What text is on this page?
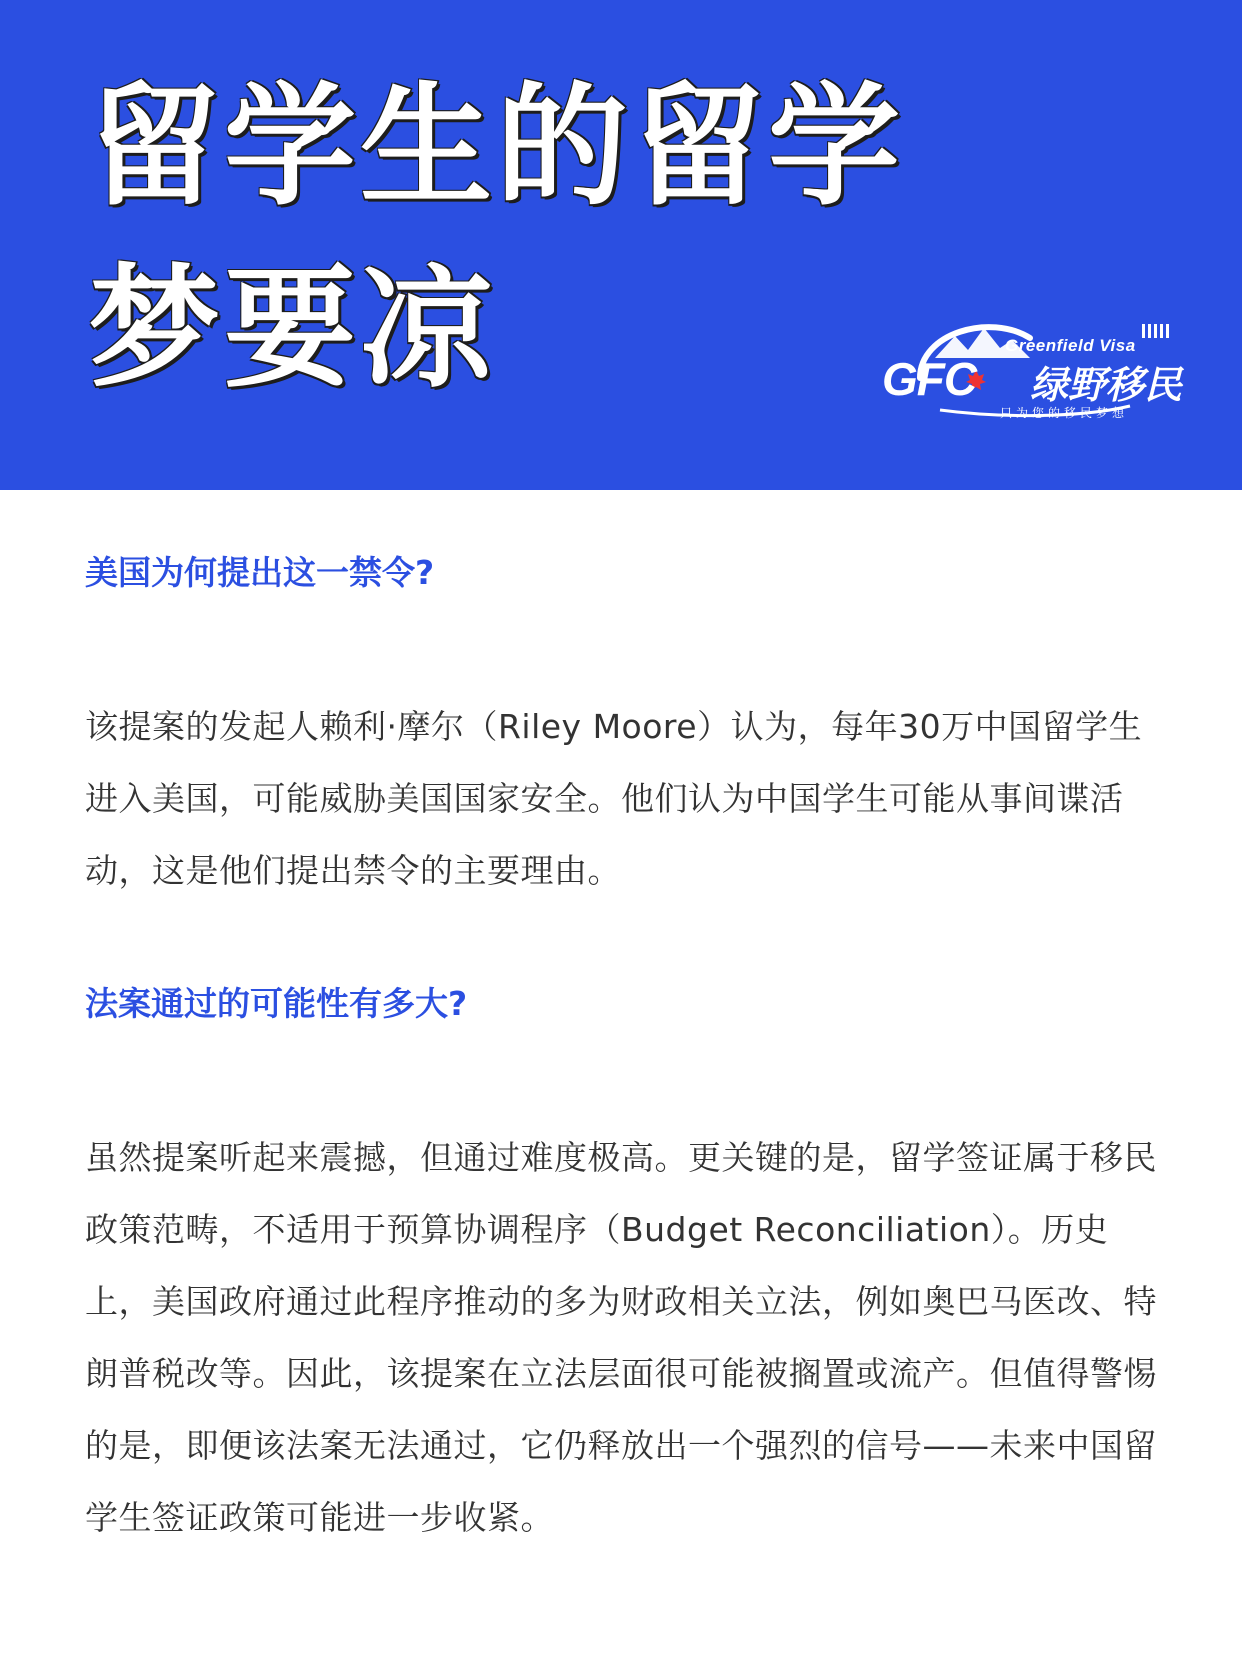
留学生的留学
梦要凉	Greenfield Visa
GFC 绿野移民
只为您的移民梦想

美国为何提出这一禁令?

该提案的发起人赖利·摩尔（Riley Moore）认为，每年30万中国留学生进入美国，可能威胁美国国家安全。他们认为中国学生可能从事间谍活动，这是他们提出禁令的主要理由。

法案通过的可能性有多大?

虽然提案听起来震撼，但通过难度极高。更关键的是，留学签证属于移民政策范畴，不适用于预算协调程序（Budget Reconciliation）。历史上，美国政府通过此程序推动的多为财政相关立法，例如奥巴马医改、特朗普税改等。因此，该提案在立法层面很可能被搁置或流产。但值得警惕的是，即便该法案无法通过，它仍释放出一个强烈的信号——未来中国留学生签证政策可能进一步收紧。
